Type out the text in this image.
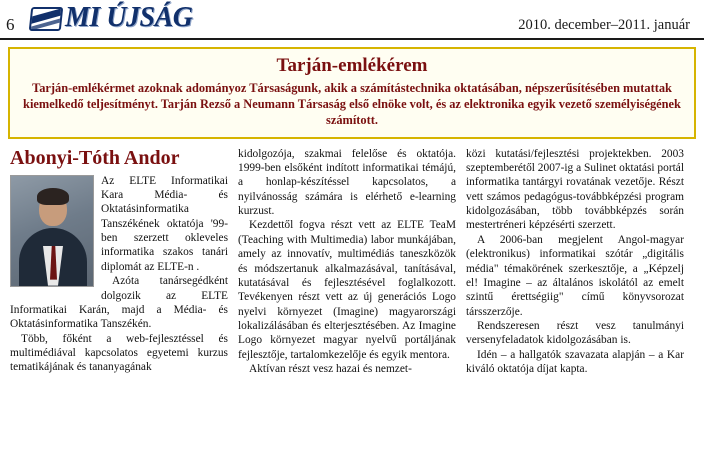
6	MI ÚJSÁG	2010. december–2011. január
Tarján-emlékérem
Tarján-emlékérmet azoknak adományoz Társaságunk, akik a számítástechnika oktatásában, népszerűsítésében mutattak kiemelkedő teljesítményt. Tarján Rezső a Neumann Társaság első elnöke volt, és az elektronika egyik vezető személyiségének számított.
Abonyi-Tóth Andor

Az ELTE Informatikai Kara Média- és Oktatásinformatika Tanszékének oktatója '99-ben szerzett okleveles informatika szakos tanári diplomát az ELTE-n .

Azóta tanársegédként dolgozik az ELTE Informatikai Karán, majd a Média- és Oktatásinformatika Tanszékén.

Több, főként a web-fejlesztéssel és multimédiával kapcsolatos egyetemi kurzus tematikájának és tananyagának

kidolgozója, szakmai felelőse és oktatója. 1999-ben elsőként indított informatikai témájú, a honlap-készítéssel kapcsolatos, a nyilvánosság számára is elérhető e-learning kurzust.

Kezdettől fogva részt vett az ELTE TeaM (Teaching with Multimedia) labor munkájában, amely az innovatív, multimédiás taneszközök és módszertanuk alkalmazásával, tanításával, kutatásával és fejlesztésével foglalkozott. Tevékenyen részt vett az új generációs Logo nyelvi környezet (Imagine) magyarországi lokalizálásában és elterjesztésében. Az Imagine Logo környezet magyar nyelvű portáljának fejlesztője, tartalomkezelője és egyik mentora.

Aktívan részt vesz hazai és nemzet-

közi kutatási/fejlesztési projektekben. 2003 szeptemberétől 2007-ig a Sulinet oktatási portál informatika tantárgyi rovatának vezetője. Részt vett számos pedagógus-továbbképzési program kidolgozásában, több továbbképzés során mestertréneri képzésérti szerzett.

A 2006-ban megjelent Angol-magyar (elektronikus) informatikai szótár „digitális média" témakörének szerkesztője, a „Képzelj el! Imagine – az általános iskolától az emelt szintű érettségiig" című könyvsorozat társszerzője.

Rendszeresen részt vesz tanulmányi versenyfeladatok kidolgozásában is.

Idén – a hallgatók szavazata alapján – a Kar kiváló oktatója díjat kapta.
